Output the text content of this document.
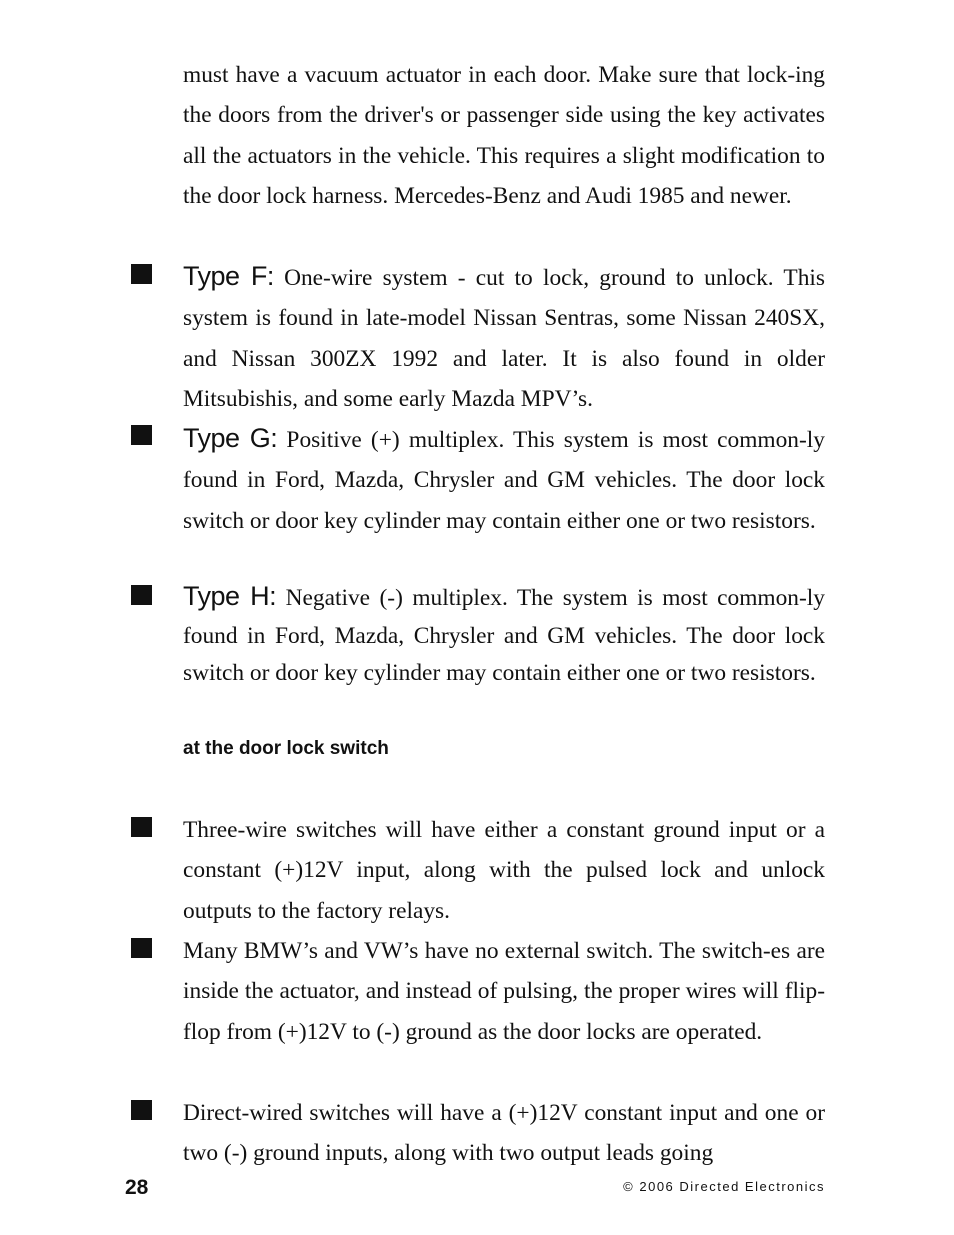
must have a vacuum actuator in each door. Make sure that lock-ing the doors from the driver's or passenger side using the key activates all the actuators in the vehicle. This requires a slight modification to the door lock harness. Mercedes-Benz and Audi 1985 and newer.

Type F: One-wire system - cut to lock, ground to unlock. This system is found in late-model Nissan Sentras, some Nissan 240SX, and Nissan 300ZX 1992 and later. It is also found in older Mitsubishis, and some early Mazda MPV’s.

Type G: Positive (+) multiplex. This system is most common-ly found in Ford, Mazda, Chrysler and GM vehicles. The door lock switch or door key cylinder may contain either one or two resistors.

Type H: Negative (-) multiplex. The system is most common-ly found in Ford, Mazda, Chrysler and GM vehicles. The door lock switch or door key cylinder may contain either one or two resistors.

at the door lock switch

Three-wire switches will have either a constant ground input or a constant (+)12V input, along with the pulsed lock and unlock outputs to the factory relays.

Many BMW’s and VW’s have no external switch. The switch-es are inside the actuator, and instead of pulsing, the proper wires will flip-flop from (+)12V to (-) ground as the door locks are operated.

Direct-wired switches will have a (+)12V constant input and one or two (-) ground inputs, along with two output leads going

28	© 2006 Directed Electronics
